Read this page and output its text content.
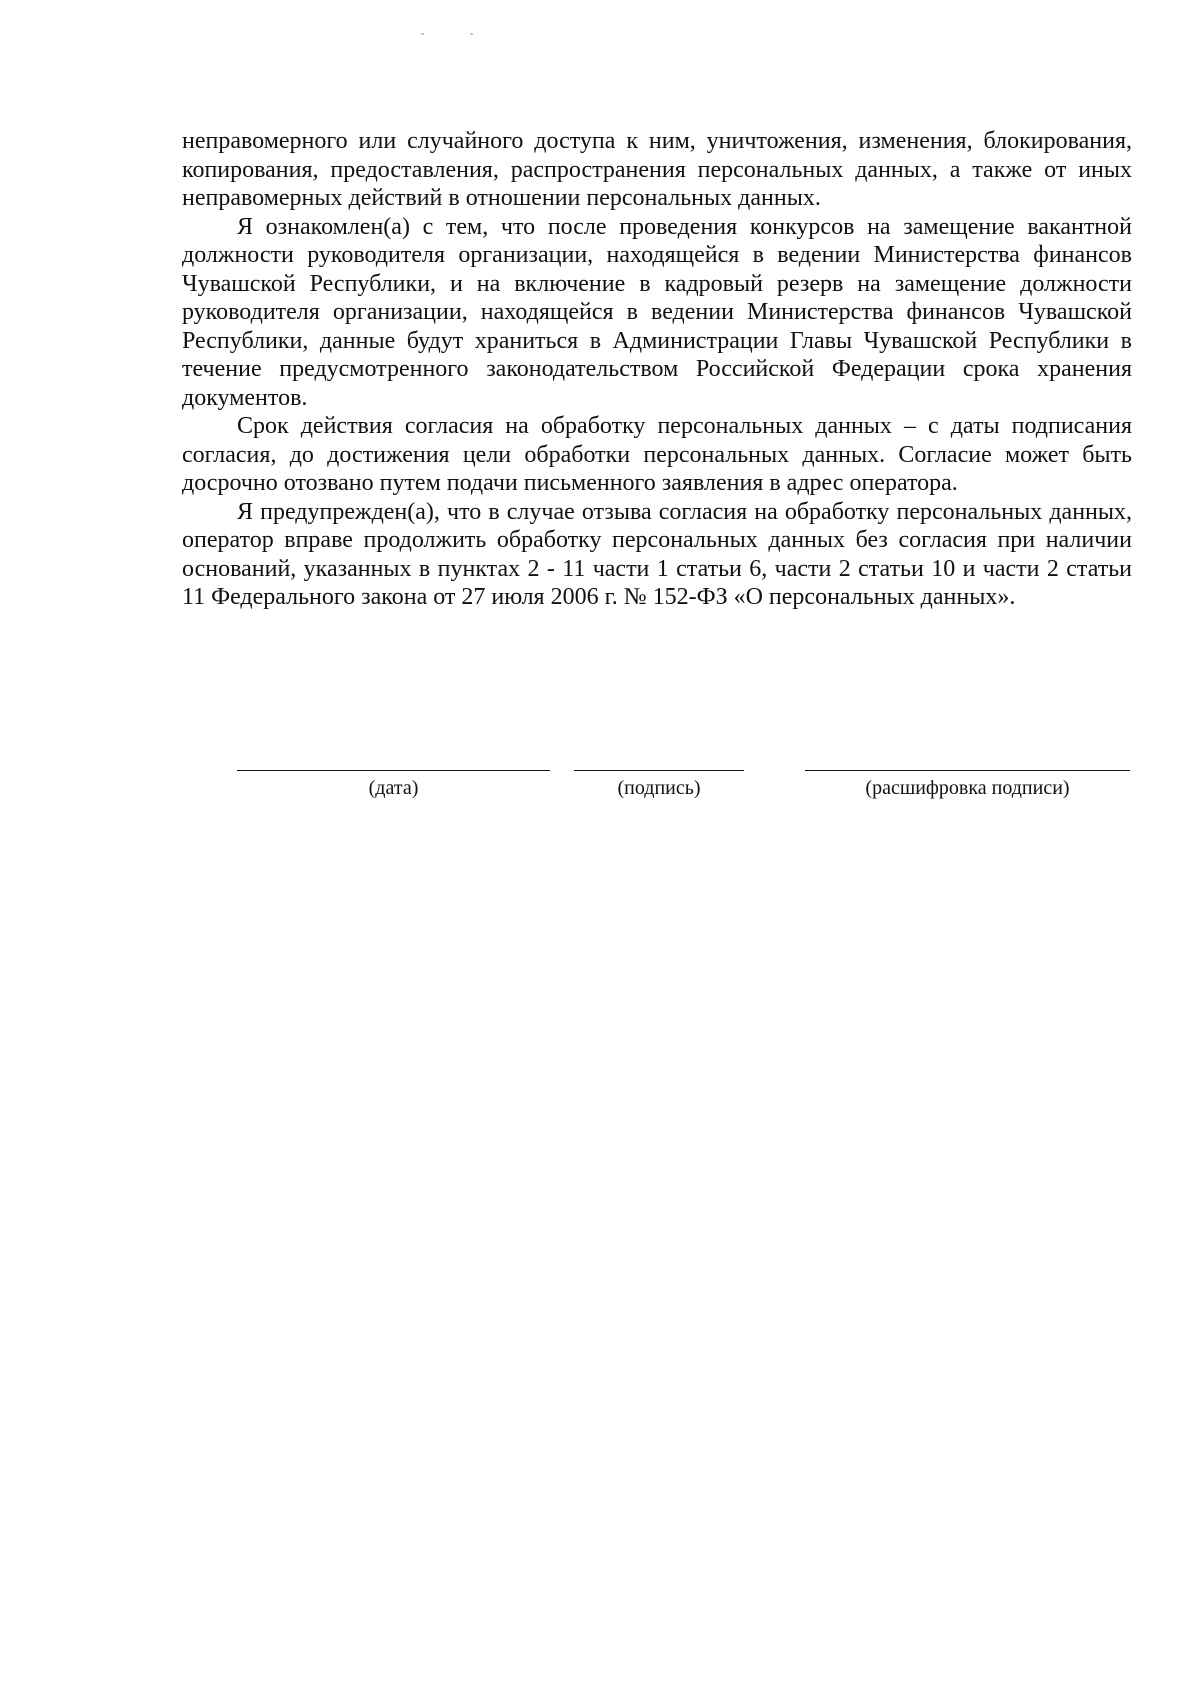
неправомерного или случайного доступа к ним, уничтожения, изменения, блокирования, копирования, предоставления, распространения персональных данных, а также от иных неправомерных действий в отношении персональных данных.

Я ознакомлен(а) с тем, что после проведения конкурсов на замещение вакантной должности руководителя организации, находящейся в ведении Министерства финансов Чувашской Республики, и на включение в кадровый резерв на замещение должности руководителя организации, находящейся в ведении Министерства финансов Чувашской Республики, данные будут храниться в Администрации Главы Чувашской Республики в течение предусмотренного законодательством Российской Федерации срока хранения документов.

Срок действия согласия на обработку персональных данных – с даты подписания согласия, до достижения цели обработки персональных данных. Согласие может быть досрочно отозвано путем подачи письменного заявления в адрес оператора.

Я предупрежден(а), что в случае отзыва согласия на обработку персональных данных, оператор вправе продолжить обработку персональных данных без согласия при наличии оснований, указанных в пунктах 2 - 11 части 1 статьи 6, части 2 статьи 10 и части 2 статьи 11 Федерального закона от 27 июля 2006 г. № 152-ФЗ «О персональных данных».

(дата)	(подпись)	(расшифровка подписи)
